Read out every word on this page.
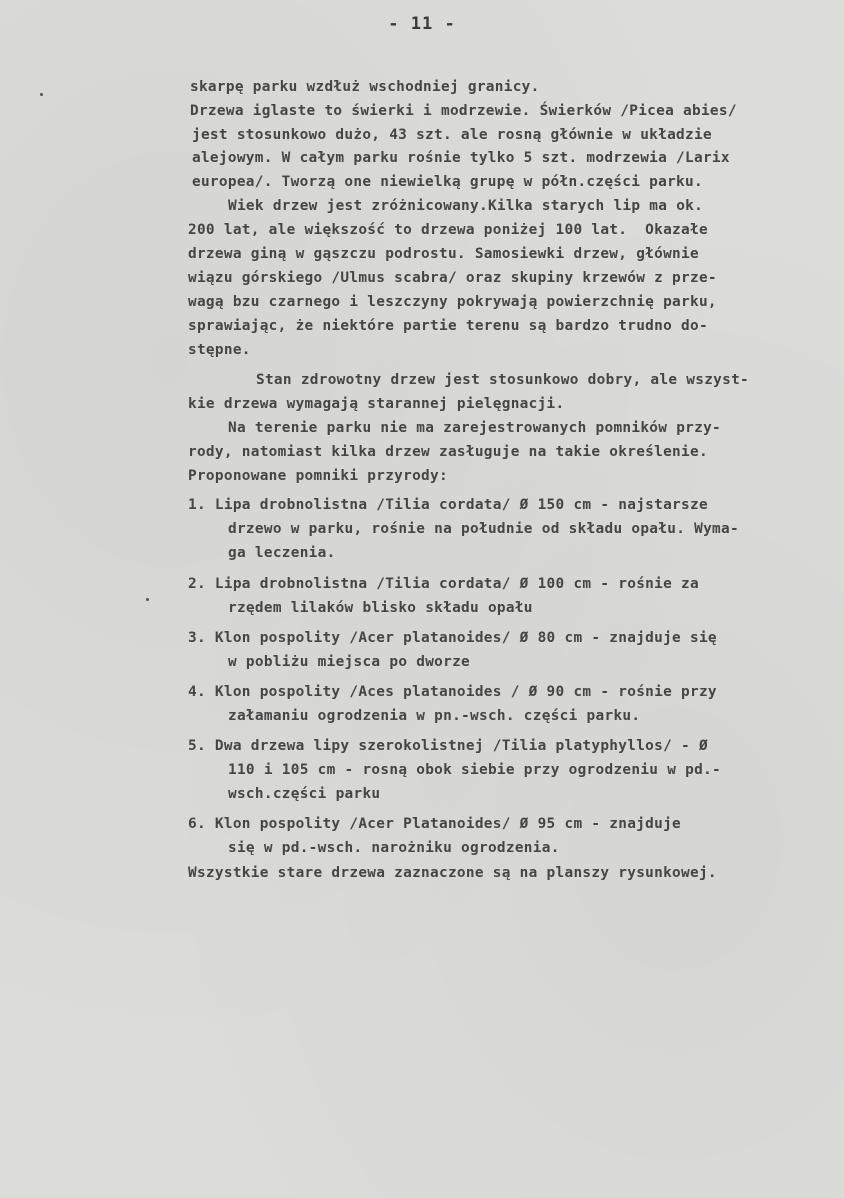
- 11 -
skarpę parku wzdłuż wschodniej granicy.
Drzewa iglaste to świerki i modrzewie. Świerków /Picea abies/
jest stosunkowo dużo, 43 szt. ale rosną głównie w układzie
alejowym. W całym parku rośnie tylko 5 szt. modrzewia /Larix
europea/. Tworzą one niewielką grupę w półn.części parku.
Wiek drzew jest zróżnicowany.Kilka starych lip ma ok.
200 lat, ale większość to drzewa poniżej 100 lat.  Okazałe
drzewa giną w gąszczu podrostu. Samosiewki drzew, głównie
wiązu górskiego /Ulmus scabra/ oraz skupiny krzewów z prze-
wagą bzu czarnego i leszczyny pokrywają powierzchnię parku,
sprawiając, że niektóre partie terenu są bardzo trudno do-
stępne.
Stan zdrowotny drzew jest stosunkowo dobry, ale wszyst-
kie drzewa wymagają starannej pielęgnacji.
Na terenie parku nie ma zarejestrowanych pomników przy-
rody, natomiast kilka drzew zasługuje na takie określenie.
Proponowane pomniki przyrody:
1. Lipa drobnolistna /Tilia cordata/ Ø 150 cm - najstarsze
drzewo w parku, rośnie na południe od składu opału. Wyma-
ga leczenia.
2. Lipa drobnolistna /Tilia cordata/ Ø 100 cm - rośnie za
rzędem lilaków blisko składu opału
3. Klon pospolity /Acer platanoides/ Ø 80 cm - znajduje się
w pobliżu miejsca po dworze
4. Klon pospolity /Aces platanoides / Ø 90 cm - rośnie przy
załamaniu ogrodzenia w pn.-wsch. części parku.
5. Dwa drzewa lipy szerokolistnej /Tilia platyphyllos/ - Ø
110 i 105 cm - rosną obok siebie przy ogrodzeniu w pd.-
wsch.części parku
6. Klon pospolity /Acer Platanoides/ Ø 95 cm - znajduje
się w pd.-wsch. narożniku ogrodzenia.
Wszystkie stare drzewa zaznaczone są na planszy rysunkowej.
